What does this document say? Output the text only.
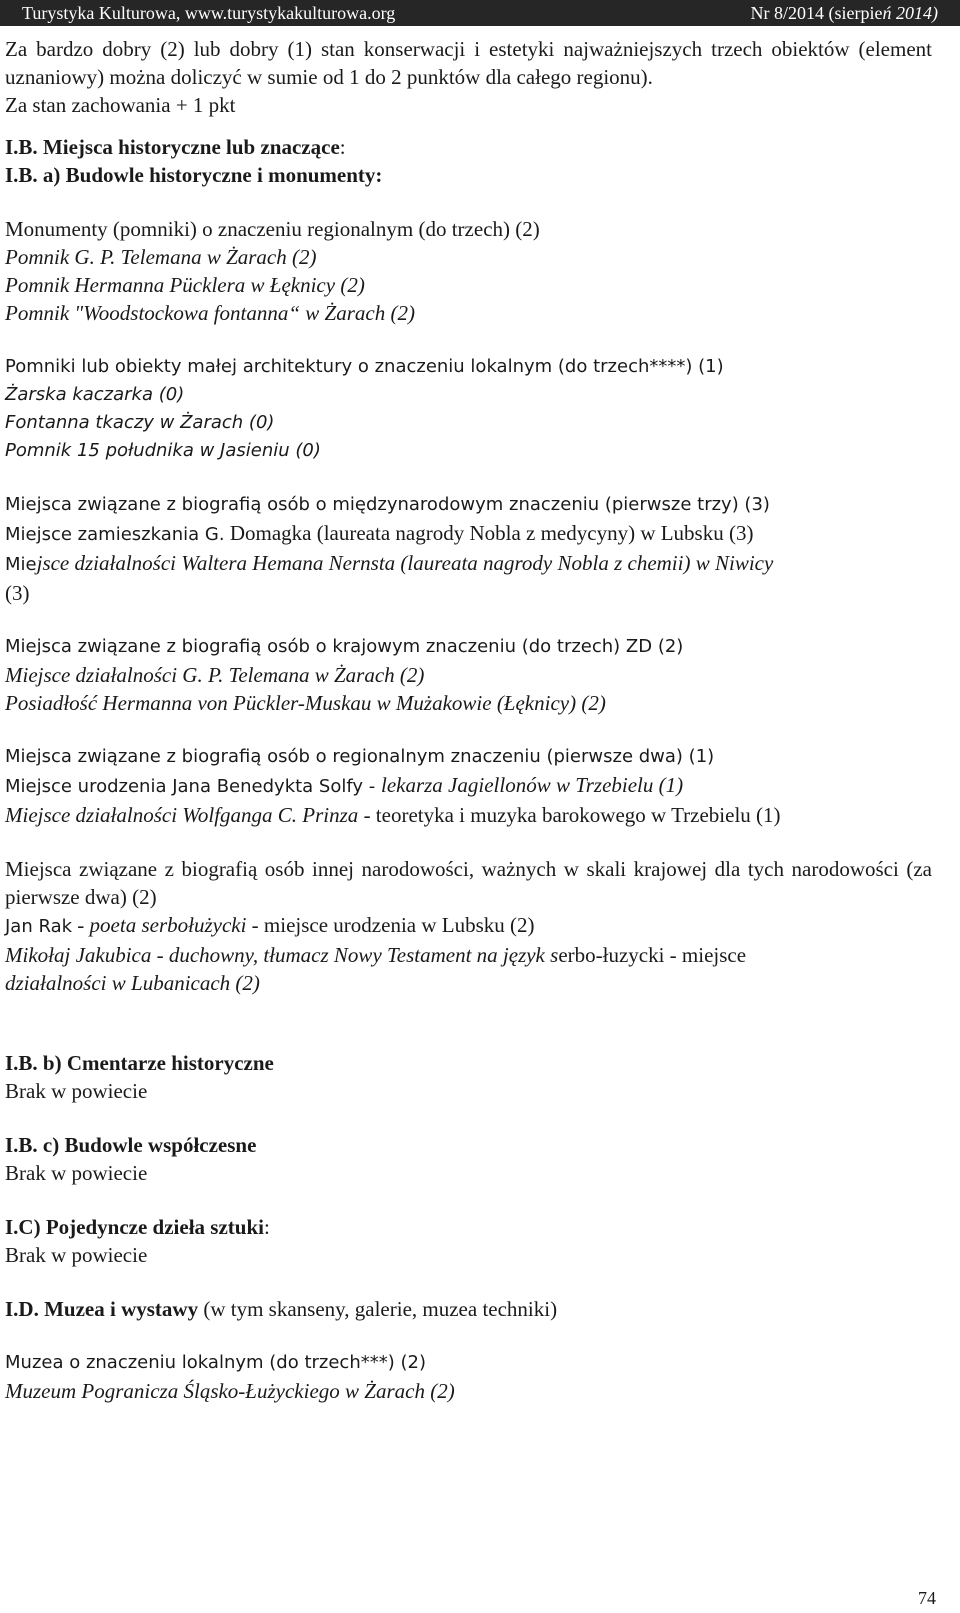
Turystyka Kulturowa, www.turystykakulturowa.org	Nr 8/2014 (sierpień 2014)

Za bardzo dobry (2) lub dobry (1) stan konserwacji i estetyki najważniejszych trzech obiektów (element uznaniowy) można doliczyć w sumie od 1 do 2 punktów dla całego regionu).

Za stan zachowania + 1 pkt

I.B. Miejsca historyczne lub znaczące:

I.B. a) Budowle historyczne i monumenty:

Monumenty (pomniki) o znaczeniu regionalnym (do trzech) (2)

Pomnik G. P. Telemana w Żarach (2)

Pomnik Hermanna Pücklera w Łęknicy (2)

Pomnik "Woodstockowa fontanna“ w Żarach (2)

Pomniki lub obiekty małej architektury o znaczeniu lokalnym (do trzech****) (1)

Żarska kaczarka (0)

Fontanna tkaczy w Żarach (0)

Pomnik 15 południka w Jasieniu (0)

Miejsca związane z biografią osób o międzynarodowym znaczeniu (pierwsze trzy) (3)

Miejsce zamieszkania G. Domagka (laureata nagrody Nobla z medycyny) w Lubsku (3)

Miejsce działalności Waltera Hemana Nernsta (laureata nagrody Nobla z chemii) w Niwicy

(3)

Miejsca związane z biografią osób o krajowym znaczeniu (do trzech) ZD (2)

Miejsce działalności G. P. Telemana w Żarach (2)

Posiadłość Hermanna von Pückler-Muskau w Mużakowie (Łęknicy) (2)

Miejsca związane z biografią osób o regionalnym znaczeniu (pierwsze dwa) (1)

Miejsce urodzenia Jana Benedykta Solfy - lekarza Jagiellonów w Trzebielu (1)

Miejsce działalności Wolfganga C. Prinza - teoretyka i muzyka barokowego w Trzebielu (1)

Miejsca związane z biografią osób innej narodowości, ważnych w skali krajowej dla tych narodowości (za pierwsze dwa) (2)

Jan Rak - poeta serbołużycki - miejsce urodzenia w Lubsku (2)

Mikołaj Jakubica - duchowny, tłumacz Nowy Testament na język serbo-łuzycki - miejsce

działalności w Lubanicach (2)

I.B. b) Cmentarze historyczne

Brak w powiecie

I.B. c) Budowle współczesne

Brak w powiecie

I.C) Pojedyncze dzieła sztuki:

Brak w powiecie

I.D. Muzea i wystawy (w tym skanseny, galerie, muzea techniki)

Muzea o znaczeniu lokalnym (do trzech***) (2)

Muzeum Pogranicza Śląsko-Łużyckiego w Żarach (2)

74
